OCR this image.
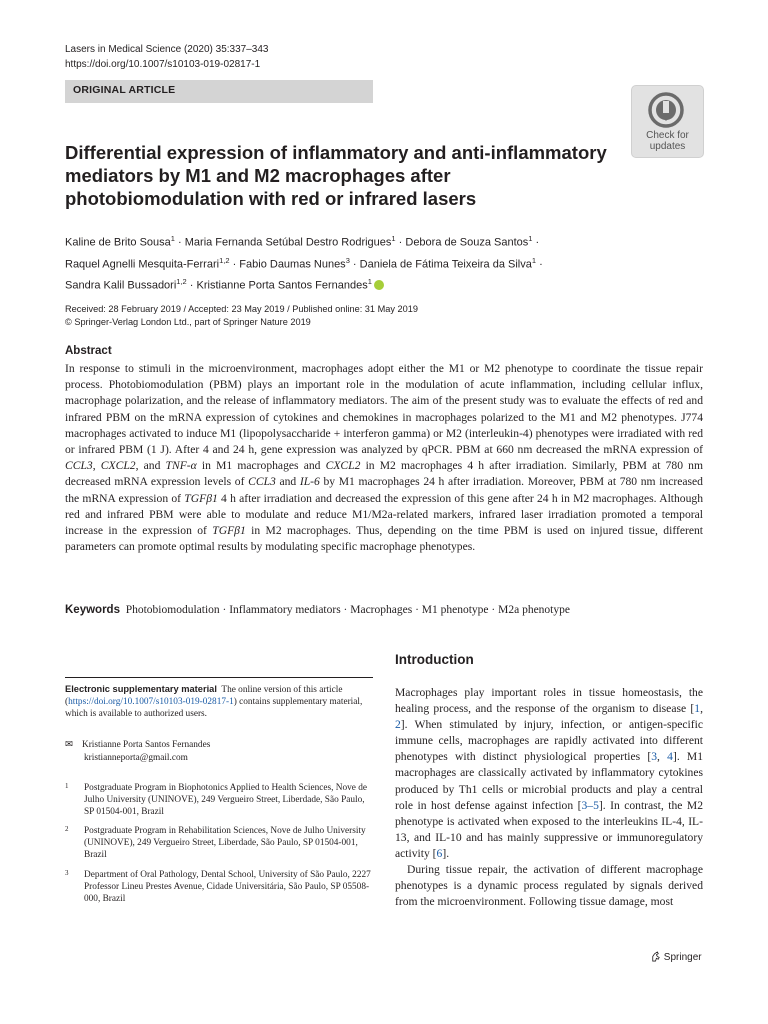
Lasers in Medical Science (2020) 35:337–343
https://doi.org/10.1007/s10103-019-02817-1
ORIGINAL ARTICLE
Check for
updates
Differential expression of inflammatory and anti-inflammatory mediators by M1 and M2 macrophages after photobiomodulation with red or infrared lasers
Kaline de Brito Sousa$^1$ · Maria Fernanda Setúbal Destro Rodrigues$^1$ · Debora de Souza Santos$^1$ ·
Raquel Agnelli Mesquita-Ferrari$^{1,2}$ · Fabio Daumas Nunes$^3$ · Daniela de Fátima Teixeira da Silva$^1$ ·
Sandra Kalil Bussadori$^{1,2}$ · Kristianne Porta Santos Fernandes$^1$
Received: 28 February 2019 / Accepted: 23 May 2019 / Published online: 31 May 2019
© Springer-Verlag London Ltd., part of Springer Nature 2019
Abstract
In response to stimuli in the microenvironment, macrophages adopt either the M1 or M2 phenotype to coordinate the tissue repair process. Photobiomodulation (PBM) plays an important role in the modulation of acute inflammation, including cellular influx, macrophage polarization, and the release of inflammatory mediators. The aim of the present study was to evaluate the effects of red and infrared PBM on the mRNA expression of cytokines and chemokines in macrophages polarized to the M1 and M2 phenotypes. J774 macrophages activated to induce M1 (lipopolysaccharide + interferon gamma) or M2 (interleukin-4) phenotypes were irradiated with red or infrared PBM (1 J). After 4 and 24 h, gene expression was analyzed by qPCR. PBM at 660 nm decreased the mRNA expression of CCL3, CXCL2, and TNF-α in M1 macrophages and CXCL2 in M2 macrophages 4 h after irradiation. Similarly, PBM at 780 nm decreased mRNA expression levels of CCL3 and IL-6 by M1 macrophages 24 h after irradiation. Moreover, PBM at 780 nm increased the mRNA expression of TGFβ1 4 h after irradiation and decreased the expression of this gene after 24 h in M2 macrophages. Although red and infrared PBM were able to modulate and reduce M1/M2a-related markers, infrared laser irradiation promoted a temporal increase in the expression of TGFβ1 in M2 macrophages. Thus, depending on the time PBM is used on injured tissue, different parameters can promote optimal results by modulating specific macrophage phenotypes.
Keywords Photobiomodulation · Inflammatory mediators · Macrophages · M1 phenotype · M2a phenotype
Electronic supplementary material The online version of this article (https://doi.org/10.1007/s10103-019-02817-1) contains supplementary material, which is available to authorized users.
✉ Kristianne Porta Santos Fernandes
kristianneporta@gmail.com
1 Postgraduate Program in Biophotonics Applied to Health Sciences, Nove de Julho University (UNINOVE), 249 Vergueiro Street, Liberdade, São Paulo, SP 01504-001, Brazil
2 Postgraduate Program in Rehabilitation Sciences, Nove de Julho University (UNINOVE), 249 Vergueiro Street, Liberdade, São Paulo, SP 01504-001, Brazil
3 Department of Oral Pathology, Dental School, University of São Paulo, 2227 Professor Lineu Prestes Avenue, Cidade Universitária, São Paulo, SP 05508-000, Brazil
Introduction

Macrophages play important roles in tissue homeostasis, the healing process, and the response of the organism to disease [1, 2]. When stimulated by injury, infection, or antigen-specific immune cells, macrophages are rapidly activated into different phenotypes with distinct physiological properties [3, 4]. M1 macrophages are classically activated by inflammatory cytokines produced by Th1 cells or microbial products and play a central role in host defense against infection [3–5]. In contrast, the M2 phenotype is activated when exposed to the interleukins IL-4, IL-13, and IL-10 and has mainly suppressive or immunoregulatory activity [6].

During tissue repair, the activation of different macrophage phenotypes is a dynamic process regulated by signals derived from the microenvironment. Following tissue damage, most

Springer
